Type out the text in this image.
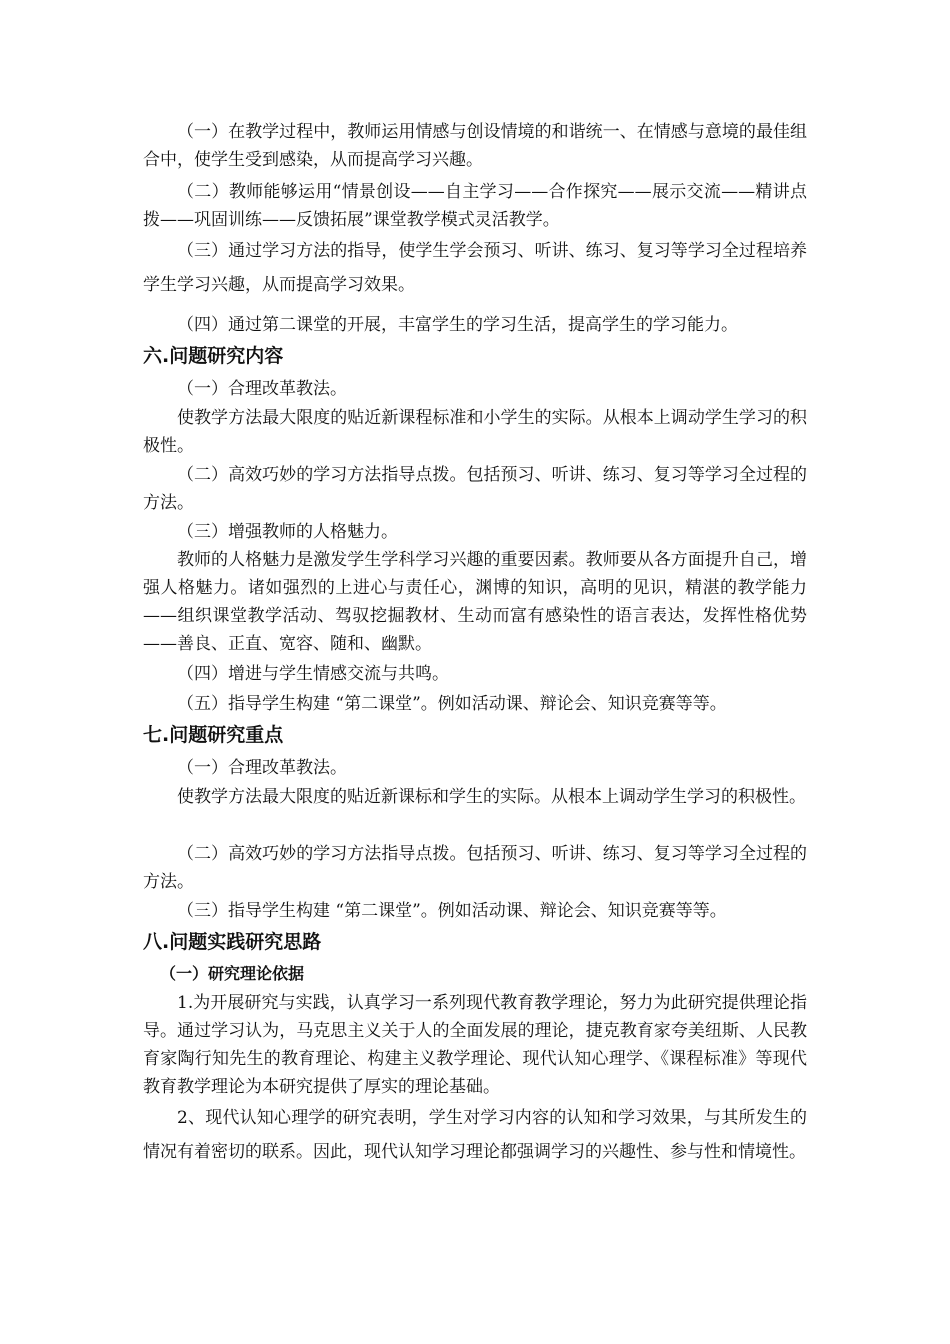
（一）在教学过程中，教师运用情感与创设情境的和谐统一、在情感与意境的最佳组合中，使学生受到感染，从而提高学习兴趣。

（二）教师能够运用“情景创设——自主学习——合作探究——展示交流——精讲点拨——巩固训练——反馈拓展”课堂教学模式灵活教学。

（三）通过学习方法的指导，使学生学会预习、听讲、练习、复习等学习全过程培养学生学习兴趣，从而提高学习效果。

（四）通过第二课堂的开展，丰富学生的学习生活，提高学生的学习能力。

六.问题研究内容

（一）合理改革教法。

使教学方法最大限度的贴近新课程标准和小学生的实际。从根本上调动学生学习的积极性。

（二）高效巧妙的学习方法指导点拨。包括预习、听讲、练习、复习等学习全过程的方法。

（三）增强教师的人格魅力。

教师的人格魅力是激发学生学科学习兴趣的重要因素。教师要从各方面提升自己，增强人格魅力。诸如强烈的上进心与责任心，渊博的知识，高明的见识，精湛的教学能力——组织课堂教学活动、驾驭挖掘教材、生动而富有感染性的语言表达，发挥性格优势——善良、正直、宽容、随和、幽默。

（四）增进与学生情感交流与共鸣。

（五）指导学生构建 “第二课堂”。例如活动课、辩论会、知识竞赛等等。

七.问题研究重点

（一）合理改革教法。

使教学方法最大限度的贴近新课标和学生的实际。从根本上调动学生学习的积极性。

（二）高效巧妙的学习方法指导点拨。包括预习、听讲、练习、复习等学习全过程的方法。

（三）指导学生构建 “第二课堂”。例如活动课、辩论会、知识竞赛等等。

八.问题实践研究思路
（一）研究理论依据

1.为开展研究与实践，认真学习一系列现代教育教学理论，努力为此研究提供理论指导。通过学习认为，马克思主义关于人的全面发展的理论，捷克教育家夸美纽斯、人民教育家陶行知先生的教育理论、构建主义教学理论、现代认知心理学、《课程标准》等现代教育教学理论为本研究提供了厚实的理论基础。

2、现代认知心理学的研究表明，学生对学习内容的认知和学习效果，与其所发生的情况有着密切的联系。因此，现代认知学习理论都强调学习的兴趣性、参与性和情境性。
